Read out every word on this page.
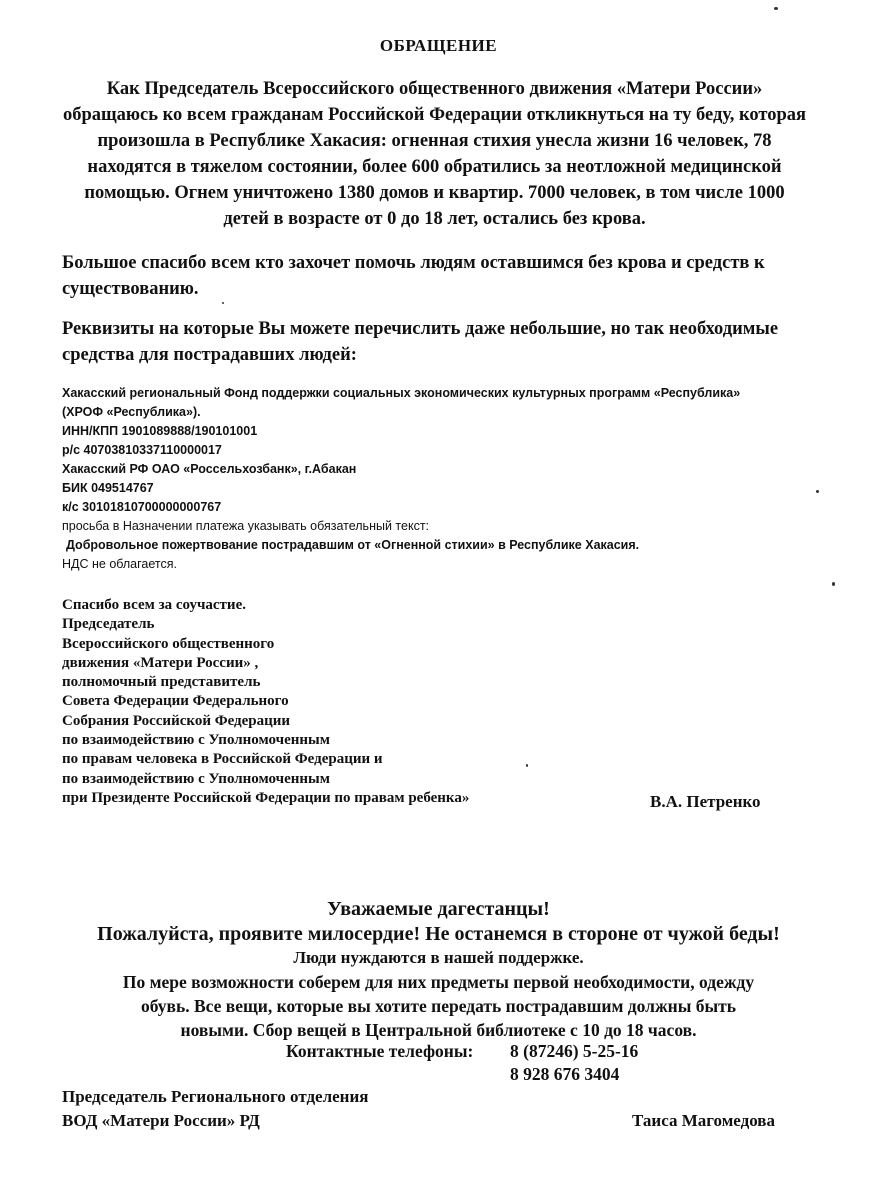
ОБРАЩЕНИЕ

Как Председатель Всероссийского общественного движения «Матери России» обращаюсь ко всем гражданам Российской Федерации откликнуться на ту беду, которая произошла в Республике Хакасия: огненная стихия унесла жизни 16 человек, 78 находятся в тяжелом состоянии, более 600 обратились за неотложной медицинской помощью. Огнем уничтожено 1380 домов и квартир. 7000 человек, в том числе 1000 детей в возрасте от 0 до 18 лет, остались без крова.

Большое спасибо всем кто захочет помочь людям оставшимся без крова и средств к существованию.

Реквизиты на которые Вы можете перечислить даже небольшие, но так необходимые средства для пострадавших людей:

Хакасский региональный Фонд поддержки социальных экономических культурных программ «Республика»
(ХРОФ «Республика»).
ИНН/КПП 1901089888/190101001
р/с 40703810337110000017
Хакасский РФ ОАО «Россельхозбанк», г.Абакан
БИК 049514767
к/с 30101810700000000767
просьба в Назначении платежа указывать обязательный текст:
Добровольное пожертвование пострадавшим от «Огненной стихии» в Республике Хакасия.
НДС не облагается.
Спасибо всем за соучастие.
Председатель
Всероссийского общественного
движения «Матери России» ,
полномочный представитель
Совета Федерации Федерального
Собрания Российской Федерации
по взаимодействию с Уполномоченным
по правам человека в Российской Федерации и
по взаимодействию с Уполномоченным
при Президенте Российской Федерации по правам ребенка»	В.А. Петренко
Уважаемые дагестанцы!
Пожалуйста, проявите милосердие! Не останемся в стороне от чужой беды!
Люди нуждаются в нашей поддержке.
По мере возможности соберем для них предметы первой необходимости, одежду
обувь. Все вещи, которые вы хотите передать пострадавшим должны быть
новыми. Сбор вещей в Центральной библиотеке с 10 до 18 часов.
Контактные телефоны:	8 (87246) 5-25-16
8 928 676 3404
Председатель Регионального отделения
ВОД «Матери России» РД	Таиса Магомедова
